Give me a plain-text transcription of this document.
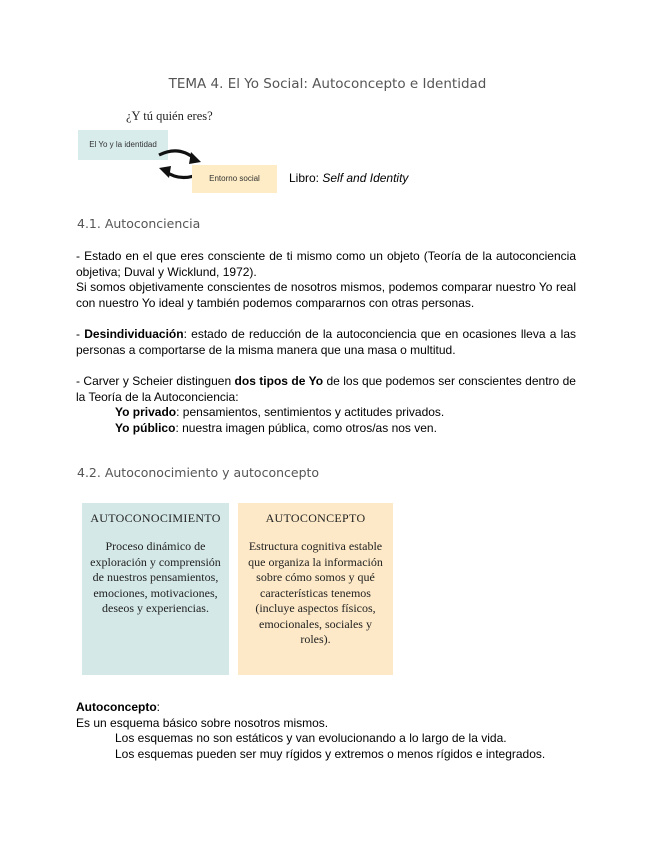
TEMA 4. El Yo Social: Autoconcepto e Identidad
¿Y tú quién eres?
El Yo y la identidad
Entorno social	Libro: Self and Identity
4.1. Autoconciencia
- Estado en el que eres consciente de ti mismo como un objeto (Teoría de la autoconciencia objetiva; Duval y Wicklund, 1972).
Si somos objetivamente conscientes de nosotros mismos, podemos comparar nuestro Yo real con nuestro Yo ideal y también podemos compararnos con otras personas.
- Desindividuación: estado de reducción de la autoconciencia que en ocasiones lleva a las personas a comportarse de la misma manera que una masa o multitud.
- Carver y Scheier distinguen dos tipos de Yo de los que podemos ser conscientes dentro de la Teoría de la Autoconciencia:
Yo privado: pensamientos, sentimientos y actitudes privados.
Yo público: nuestra imagen pública, como otros/as nos ven.
4.2. Autoconocimiento y autoconcepto
AUTOCONOCIMIENTO
Proceso dinámico de exploración y comprensión de nuestros pensamientos, emociones, motivaciones, deseos y experiencias.
AUTOCONCEPTO
Estructura cognitiva estable que organiza la información sobre cómo somos y qué características tenemos (incluye aspectos físicos, emocionales, sociales y roles).
Autoconcepto:
Es un esquema básico sobre nosotros mismos.
Los esquemas no son estáticos y van evolucionando a lo largo de la vida.
Los esquemas pueden ser muy rígidos y extremos o menos rígidos e integrados.
